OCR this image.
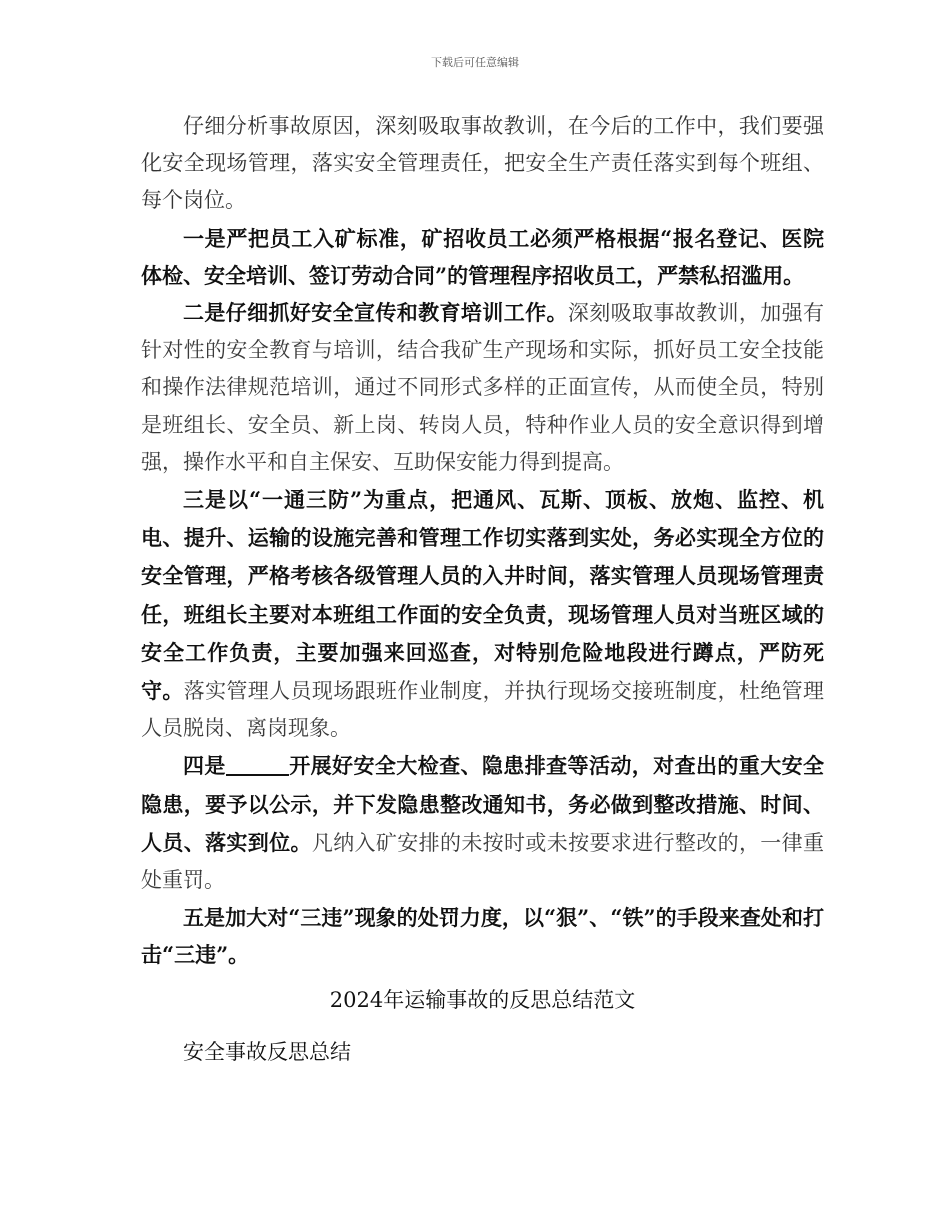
下载后可任意编辑

仔细分析事故原因，深刻吸取事故教训，在今后的工作中，我们要强化安全现场管理，落实安全管理责任，把安全生产责任落实到每个班组、每个岗位。

一是严把员工入矿标准，矿招收员工必须严格根据“报名登记、医院体检、安全培训、签订劳动合同”的管理程序招收员工，严禁私招滥用。

二是仔细抓好安全宣传和教育培训工作。深刻吸取事故教训，加强有针对性的安全教育与培训，结合我矿生产现场和实际，抓好员工安全技能和操作法律规范培训，通过不同形式多样的正面宣传，从而使全员，特别是班组长、安全员、新上岗、转岗人员，特种作业人员的安全意识得到增强，操作水平和自主保安、互助保安能力得到提高。

三是以“一通三防”为重点，把通风、瓦斯、顶板、放炮、监控、机电、提升、运输的设施完善和管理工作切实落到实处，务必实现全方位的安全管理，严格考核各级管理人员的入井时间，落实管理人员现场管理责任，班组长主要对本班组工作面的安全负责，现场管理人员对当班区域的安全工作负责，主要加强来回巡查，对特别危险地段进行蹲点，严防死守。落实管理人员现场跟班作业制度，并执行现场交接班制度，杜绝管理人员脱岗、离岗现象。

四是	开展好安全大检查、隐患排查等活动，对查出的重大安全隐患，要予以公示，并下发隐患整改通知书，务必做到整改措施、时间、人员、落实到位。凡纳入矿安排的未按时或未按要求进行整改的，一律重处重罚。

五是加大对“三违”现象的处罚力度，以“狠”、“铁”的手段来查处和打击“三违”。

2024年运输事故的反思总结范文
安全事故反思总结
